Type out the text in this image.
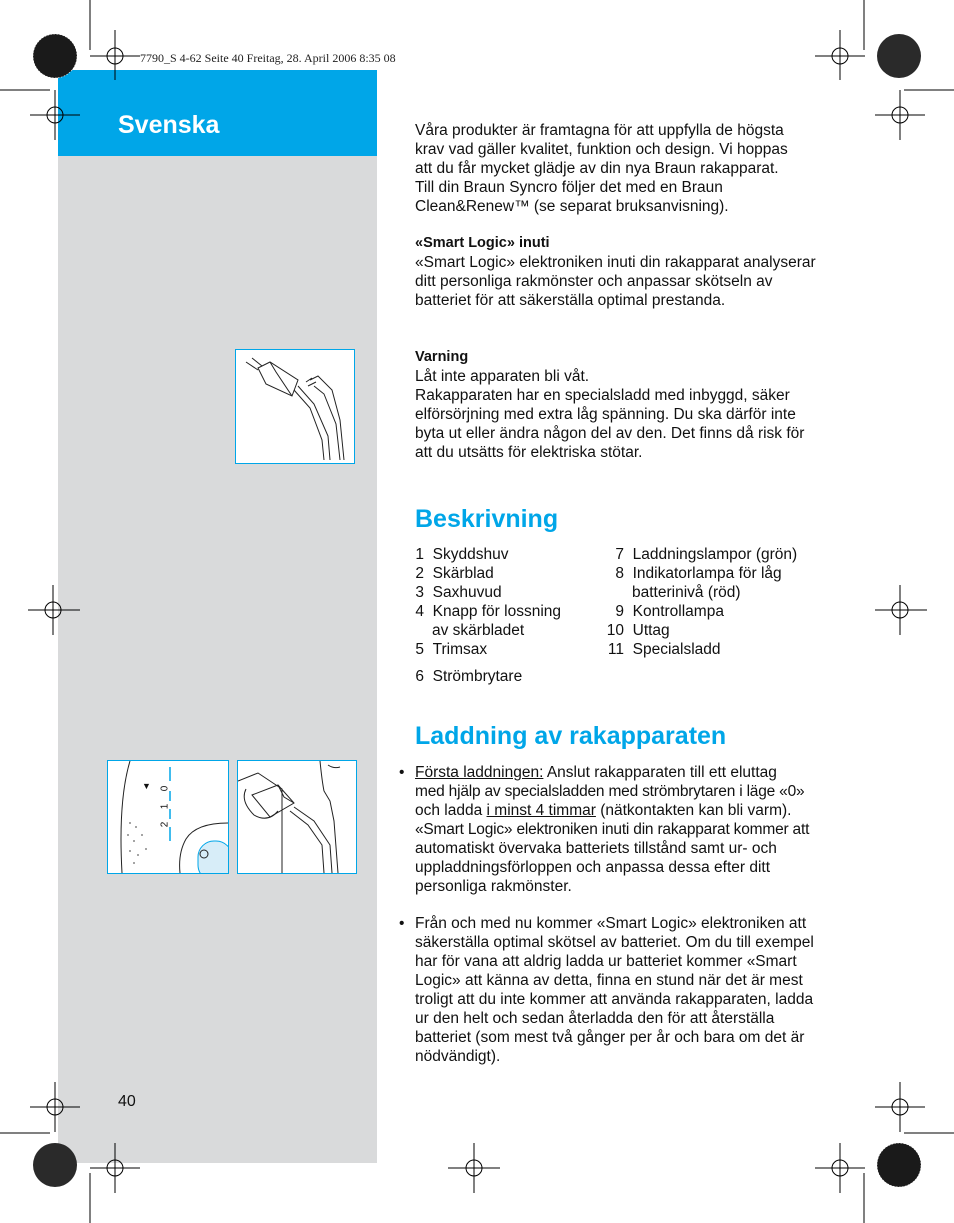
Svenska
7790_S 4-62 Seite 40 Freitag, 28. April 2006 8:35 08
40

Våra produkter är framtagna för att uppfylla de högsta

krav vad gäller kvalitet, funktion och design. Vi hoppas

att du får mycket glädje av din nya Braun rakapparat.

Till din Braun Syncro följer det med en Braun

Clean&Renew™ (se separat bruksanvisning).

«Smart Logic» inuti

«Smart Logic» elektroniken inuti din rakapparat analyserar

ditt personliga rakmönster och anpassar skötseln av

batteriet för att säkerställa optimal prestanda.

Varning

Låt inte apparaten bli våt.

Rakapparaten har en specialsladd med inbyggd, säker

elförsörjning med extra låg spänning. Du ska därför inte

byta ut eller ändra någon del av den. Det finns då risk för

att du utsätts för elektriska stötar.

Beskrivning
1 Skyddshuv
2 Skärblad
3 Saxhuvud
4 Knapp för lossning
av skärbladet
5 Trimsax
6 Strömbrytare
7 Laddningslampor (grön)
8 Indikatorlampa för låg
batterinivå (röd)
9 Kontrollampa
10 Uttag
11 Specialsladd
Laddning av rakapparaten
• Första laddningen: Anslut rakapparaten till ett eluttag

med hjälp av specialsladden med strömbrytaren i läge «0»

och ladda i minst 4 timmar (nätkontakten kan bli varm).

«Smart Logic» elektroniken inuti din rakapparat kommer att

automatiskt övervaka batteriets tillstånd samt ur- och

uppladdningsförloppen och anpassa dessa efter ditt

personliga rakmönster.

• Från och med nu kommer «Smart Logic» elektroniken att

säkerställa optimal skötsel av batteriet. Om du till exempel

har för vana att aldrig ladda ur batteriet kommer «Smart

Logic» att känna av detta, finna en stund när det är mest

troligt att du inte kommer att använda rakapparaten, ladda

ur den helt och sedan återladda den för att återställa

batteriet (som mest två gånger per år och bara om det är

nödvändigt).

0
1
2
▼
